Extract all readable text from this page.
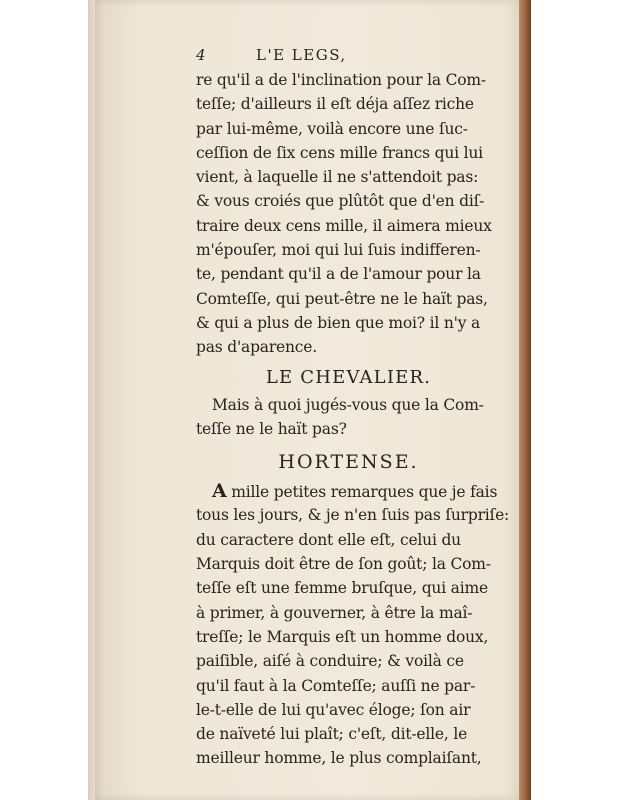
4	L'E LEGS,
re qu'il a de l'inclination pour la Com-
teſſe; d'ailleurs il eſt déja aſſez riche
par lui-même, voilà encore une ſuc-
ceſſion de ſix cens mille francs qui lui
vient, à laquelle il ne s'attendoit pas:
& vous croiés que plûtôt que d'en diſ-
traire deux cens mille, il aimera mieux
m'épouſer, moi qui lui ſuis indifferen-
te, pendant qu'il a de l'amour pour la
Comteſſe, qui peut-être ne le haït pas,
& qui a plus de bien que moi? il n'y a
pas d'aparence.
LE CHEVALIER.
Mais à quoi jugés-vous que la Com-
teſſe ne le haït pas?
HORTENSE.
A mille petites remarques que je fais
tous les jours, & je n'en ſuis pas ſurpriſe:
du caractere dont elle eſt, celui du
Marquis doit être de ſon goût; la Com-
teſſe eſt une femme bruſque, qui aime
à primer, à gouverner, à être la maî-
treſſe; le Marquis eſt un homme doux,
paiſible, aiſé à conduire; & voilà ce
qu'il faut à la Comteſſe; auſſi ne par-
le-t-elle de lui qu'avec éloge; ſon air
de naïveté lui plaît; c'eſt, dit-elle, le
meilleur homme, le plus complaiſant,
